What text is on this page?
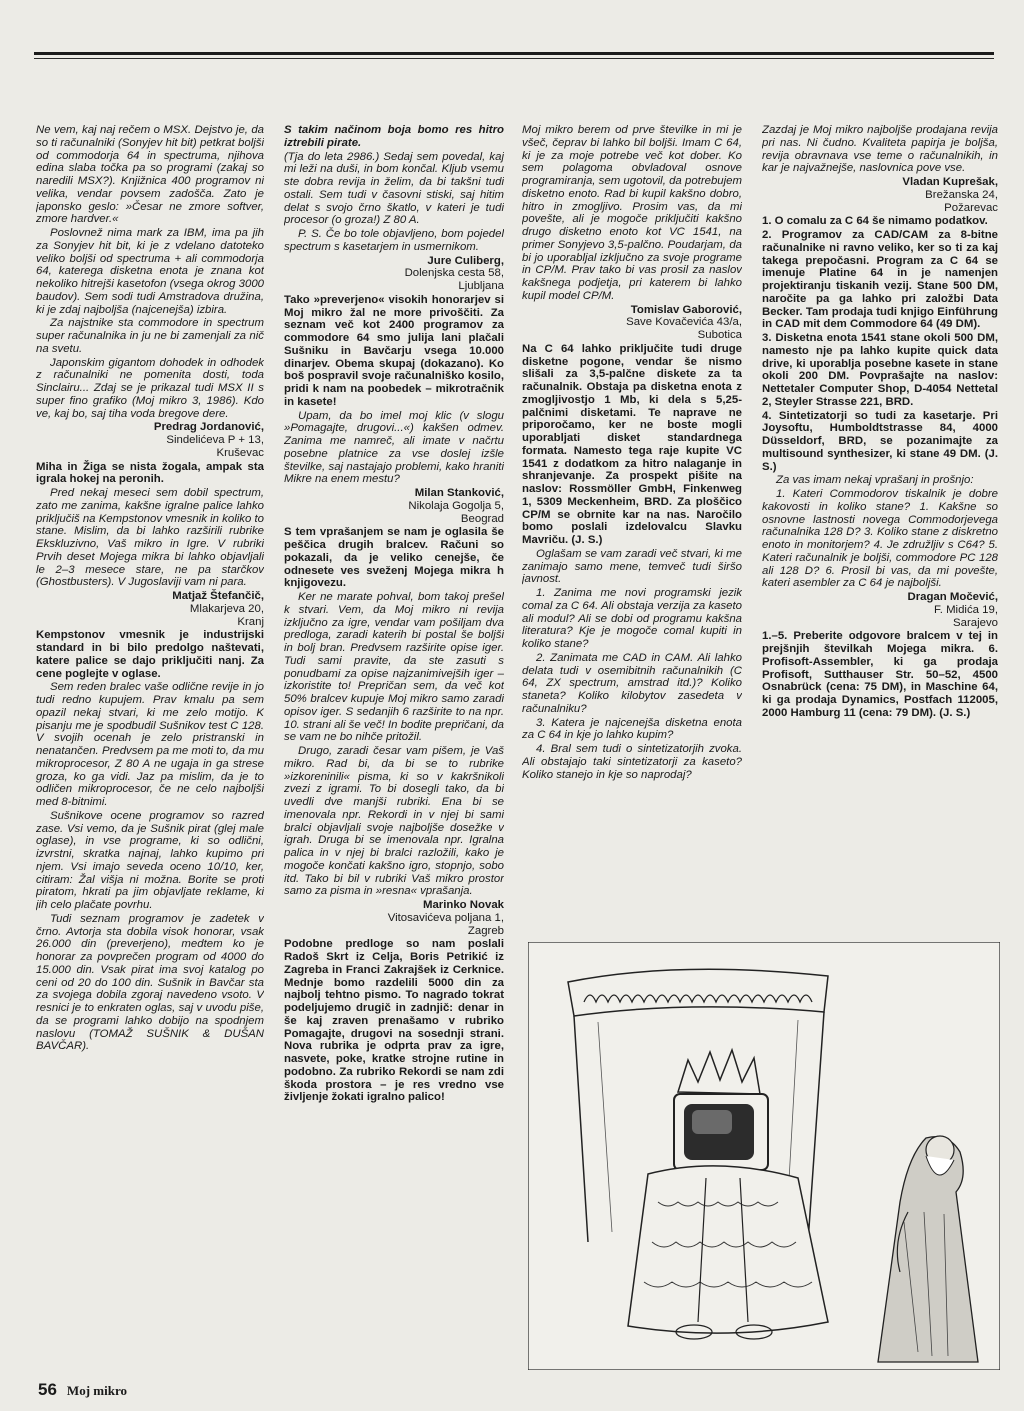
Ne vem, kaj naj rečem o MSX. Dejstvo je, da so ti računalniki (Sonyjev hit bit) petkrat boljši od commodorja 64 in spectruma, njihova edina slaba točka pa so programi (zakaj so naredili MSX?). Knjižnica 400 programov ni velika, vendar povsem zadošča. Zato je japonsko geslo: »Česar ne zmore softver, zmore hardver.«

Poslovnež nima mark za IBM, ima pa jih za Sonyjev hit bit, ki je z vdelano datoteko veliko boljši od spectruma + ali commodorja 64, katerega disketna enota je znana kot nekoliko hitrejši kasetofon (vsega okrog 3000 baudov). Sem sodi tudi Amstradova družina, ki je zdaj najboljša (najcenejša) izbira.

Za najstnike sta commodore in spectrum super računalnika in ju ne bi zamenjali za nič na svetu.

Japonskim gigantom dohodek in odhodek z računalniki ne pomenita dosti, toda Sinclairu... Zdaj se je prikazal tudi MSX II s super fino grafiko (Moj mikro 3, 1986). Kdo ve, kaj bo, saj tiha voda bregove dere.

Predrag Jordanović,
Sindelićeva P + 13,
Kruševac

Miha in Žiga se nista žogala, ampak sta igrala hokej na peronih.

Pred nekaj meseci sem dobil spectrum, zato me zanima, kakšne igralne palice lahko priključiš na Kempstonov vmesnik in koliko to stane. Mislim, da bi lahko razširili rubrike Ekskluzivno, Vaš mikro in Igre. V rubriki Prvih deset Mojega mikra bi lahko objavljali le 2–3 mesece stare, ne pa starčkov (Ghostbusters). V Jugoslaviji vam ni para.

Matjaž Štefančič,
Mlakarjeva 20,
Kranj

Kempstonov vmesnik je industrijski standard in bi bilo predolgo naštevati, katere palice se dajo priključiti nanj. Za cene poglejte v oglase.

Sem reden bralec vaše odlične revije in jo tudi redno kupujem. Prav kmalu pa sem opazil nekaj stvari, ki me zelo motijo. K pisanju me je spodbudil Sušnikov test C 128. V svojih ocenah je zelo pristranski in nenatančen. Predvsem pa me moti to, da mu mikroprocesor, Z 80 A ne ugaja in ga strese groza, ko ga vidi. Jaz pa mislim, da je to odličen mikroprocesor, če ne celo najboljši med 8-bitnimi.

Sušnikove ocene programov so razred zase. Vsi vemo, da je Sušnik pirat (glej male oglase), in vse programe, ki so odlični, izvrstni, skratka najnaj, lahko kupimo pri njem. Vsi imajo seveda oceno 10/10, ker, citiram: Žal višja ni možna. Borite se proti piratom, hkrati pa jim objavljate reklame, ki jih celo plačate povrhu.

Tudi seznam programov je zadetek v črno. Avtorja sta dobila visok honorar, vsak 26.000 din (preverjeno), medtem ko je honorar za povprečen program od 4000 do 15.000 din. Vsak pirat ima svoj katalog po ceni od 20 do 100 din. Sušnik in Bavčar sta za svojega dobila zgoraj navedeno vsoto. V resnici je to enkraten oglas, saj v uvodu piše, da se programi lahko dobijo na spodnjem naslovu (TOMAŽ SUŠNIK & DUŠAN BAVČAR).

S takim načinom boja bomo res hitro iztrebili pirate.

(Tja do leta 2986.) Sedaj sem povedal, kaj mi leži na duši, in bom končal. Kljub vsemu ste dobra revija in želim, da bi takšni tudi ostali. Sem tudi v časovni stiski, saj hitim delat s svojo črno škatlo, v kateri je tudi procesor (o groza!) Z 80 A.

P. S. Če bo tole objavljeno, bom pojedel spectrum s kasetarjem in usmernikom.

Jure Culiberg,
Dolenjska cesta 58,
Ljubljana

Tako »preverjeno« visokih honorarjev si Moj mikro žal ne more privoščiti. Za seznam več kot 2400 programov za commodore 64 smo julija lani plačali Sušniku in Bavčarju vsega 10.000 dinarjev. Obema skupaj (dokazano). Ko boš pospravil svoje računalniško kosilo, pridi k nam na poobedek – mikrotračnik in kasete!

Upam, da bo imel moj klic (v slogu »Pomagajte, drugovi...«) kakšen odmev. Zanima me namreč, ali imate v načrtu posebne platnice za vse doslej izšle številke, saj nastajajo problemi, kako hraniti Mikre na enem mestu?

Milan Stanković,
Nikolaja Gogolja 5,
Beograd

S tem vprašanjem se nam je oglasila še peščica drugih bralcev. Računi so pokazali, da je veliko cenejše, če odnesete ves sveženj Mojega mikra h knjigovezu.

Ker ne marate pohval, bom takoj prešel k stvari. Vem, da Moj mikro ni revija izključno za igre, vendar vam pošiljam dva predloga, zaradi katerih bi postal še boljši in bolj bran. Predvsem razširite opise iger. Tudi sami pravite, da ste zasuti s ponudbami za opise najzanimivejših iger – izkoristite to! Prepričan sem, da več kot 50% bralcev kupuje Moj mikro samo zaradi opisov iger. S sedanjih 6 razširite to na npr. 10. strani ali še več! In bodite prepričani, da se vam ne bo nihče pritožil.

Drugo, zaradi česar vam pišem, je Vaš mikro. Rad bi, da bi se to rubrike »izkoreninili« pisma, ki so v kakršnikoli zvezi z igrami. To bi dosegli tako, da bi uvedli dve manjši rubriki. Ena bi se imenovala npr. Rekordi in v njej bi sami bralci objavljali svoje najboljše dosežke v igrah. Druga bi se imenovala npr. Igralna palica in v njej bi bralci razložili, kako je mogoče končati kakšno igro, stopnjo, sobo itd. Tako bi bil v rubriki Vaš mikro prostor samo za pisma in »resna« vprašanja.

Marinko Novak
Vitosavićeva poljana 1,
Zagreb

Podobne predloge so nam poslali Radoš Skrt iz Celja, Boris Petrikić iz Zagreba in Franci Zakrajšek iz Cerknice. Mednje bomo razdelili 5000 din za najbolj tehtno pismo. To nagrado tokrat podeljujemo drugič in zadnjič: denar in še kaj zraven prenašamo v rubriko Pomagajte, drugovi na sosednji strani. Nova rubrika je odprta prav za igre, nasvete, poke, kratke strojne rutine in podobno. Za rubriko Rekordi se nam zdi škoda prostora – je res vredno vse življenje žokati igralno palico!

Moj mikro berem od prve številke in mi je všeč, čeprav bi lahko bil boljši. Imam C 64, ki je za moje potrebe več kot dober. Ko sem polagoma obvladoval osnove programiranja, sem ugotovil, da potrebujem disketno enoto. Rad bi kupil kakšno dobro, hitro in zmogljivo. Prosim vas, da mi povešte, ali je mogoče priključiti kakšno drugo disketno enoto kot VC 1541, na primer Sonyjevo 3,5-palčno. Poudarjam, da bi jo uporabljal izključno za svoje programe in CP/M. Prav tako bi vas prosil za naslov kakšnega podjetja, pri katerem bi lahko kupil model CP/M.

Tomislav Gaborović,
Save Kovačevića 43/a,
Subotica

Na C 64 lahko priključite tudi druge disketne pogone, vendar še nismo slišali za 3,5-palčne diskete za ta računalnik. Obstaja pa disketna enota z zmogljivostjo 1 Mb, ki dela s 5,25-palčnimi disketami. Te naprave ne priporočamo, ker ne boste mogli uporabljati disket standardnega formata. Namesto tega raje kupite VC 1541 z dodatkom za hitro nalaganje in shranjevanje. Za prospekt pišite na naslov: Rossmöller GmbH, Finkenweg 1, 5309 Meckenheim, BRD. Za ploščico CP/M se obrnite kar na nas. Naročilo bomo poslali izdelovalcu Slavku Mavriču. (J. S.)

Oglašam se vam zaradi več stvari, ki me zanimajo samo mene, temveč tudi širšo javnost.

1. Zanima me novi programski jezik comal za C 64. Ali obstaja verzija za kaseto ali modul? Ali se dobi od programu kakšna literatura? Kje je mogoče comal kupiti in koliko stane?

2. Zanimata me CAD in CAM. Ali lahko delata tudi v osemibitnih računalnikih (C 64, ZX spectrum, amstrad itd.)? Koliko staneta? Koliko kilobytov zasedeta v računalniku?

3. Katera je najcenejša disketna enota za C 64 in kje jo lahko kupim?

4. Bral sem tudi o sintetizatorjih zvoka. Ali obstajajo taki sintetizatorji za kaseto? Koliko stanejo in kje so naprodaj?

Zazdaj je Moj mikro najboljše prodajana revija pri nas. Ni čudno. Kvaliteta papirja je boljša, revija obravnava vse teme o računalnikih, in kar je najvažnejše, naslovnica pove vse.

Vladan Kuprešak,
Brežanska 24,
Požarevac

1. O comalu za C 64 še nimamo podatkov.

2. Programov za CAD/CAM za 8-bitne računalnike ni ravno veliko, ker so ti za kaj takega prepočasni. Program za C 64 se imenuje Platine 64 in je namenjen projektiranju tiskanih vezij. Stane 500 DM, naročite pa ga lahko pri založbi Data Becker. Tam prodaja tudi knjigo Einführung in CAD mit dem Commodore 64 (49 DM).

3. Disketna enota 1541 stane okoli 500 DM, namesto nje pa lahko kupite quick data drive, ki uporablja posebne kasete in stane okoli 200 DM. Povprašajte na naslov: Nettetaler Computer Shop, D-4054 Nettetal 2, Steyler Strasse 221, BRD.

4. Sintetizatorji so tudi za kasetarje. Pri Joysoftu, Humboldtstrasse 84, 4000 Düsseldorf, BRD, se pozanimajte za multisound synthesizer, ki stane 49 DM. (J. S.)

Za vas imam nekaj vprašanj in prošnjo:

1. Kateri Commodorov tiskalnik je dobre kakovosti in koliko stane? 1. Kakšne so osnovne lastnosti novega Commodorjevega računalnika 128 D? 3. Koliko stane z diskretno enoto in monitorjem? 4. Je združljiv s C64? 5. Kateri računalnik je boljši, commodore PC 128 ali 128 D? 6. Prosil bi vas, da mi povešte, kateri asembler za C 64 je najboljši.

Dragan Močević,
F. Midića 19,
Sarajevo

1.–5. Preberite odgovore bralcem v tej in prejšnjih številkah Mojega mikra. 6. Profisoft-Assembler, ki ga prodaja Profisoft, Sutthauser Str. 50–52, 4500 Osnabrück (cena: 75 DM), in Maschine 64, ki ga prodaja Dynamics, Postfach 112005, 2000 Hamburg 11 (cena: 79 DM). (J. S.)

56 Moj mikro
